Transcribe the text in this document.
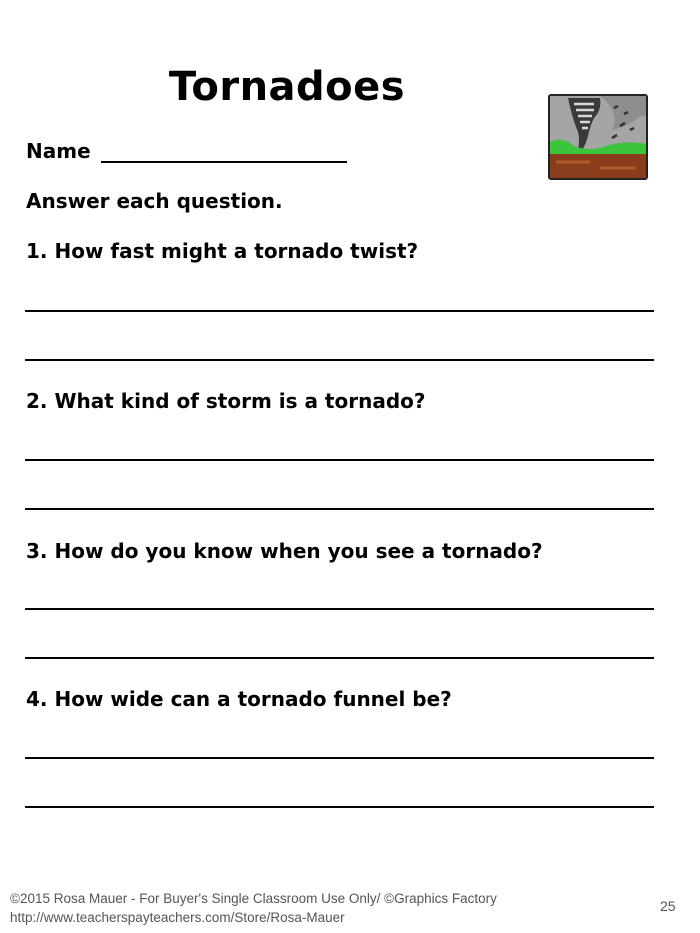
Tornadoes
Name
Answer each question.
1. How fast might a tornado twist?
2. What kind of storm is a tornado?
3. How do you know when you see a tornado?
4. How wide can a tornado funnel be?
©2015 Rosa Mauer - For Buyer's Single Classroom Use Only/ ©Graphics Factory
http://www.teacherspayteachers.com/Store/Rosa-Mauer
25
